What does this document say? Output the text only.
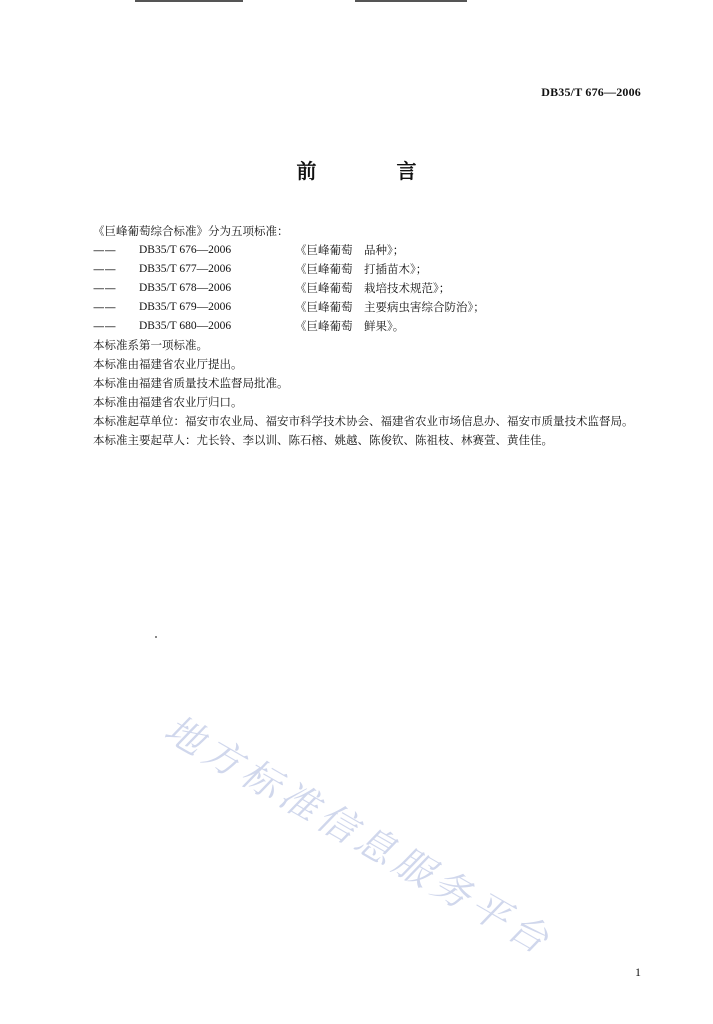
DB35/T 676—2006
前　言

《巨峰葡萄综合标准》分为五项标准：

——	DB35/T 676—2006	《巨峰葡萄　品种》；
——	DB35/T 677—2006	《巨峰葡萄　打插苗木》；
——	DB35/T 678—2006	《巨峰葡萄　栽培技术规范》；
——	DB35/T 679—2006	《巨峰葡萄　主要病虫害综合防治》；
——	DB35/T 680—2006	《巨峰葡萄　鲜果》。

本标准系第一项标准。

本标准由福建省农业厅提出。

本标准由福建省质量技术监督局批准。

本标准由福建省农业厅归口。

本标准起草单位：福安市农业局、福安市科学技术协会、福建省农业市场信息办、福安市质量技术监督局。

本标准主要起草人：尤长铃、李以训、陈石榕、姚越、陈俊钦、陈祖枝、林赛萱、黄佳佳。

地方标准信息服务平台
1
